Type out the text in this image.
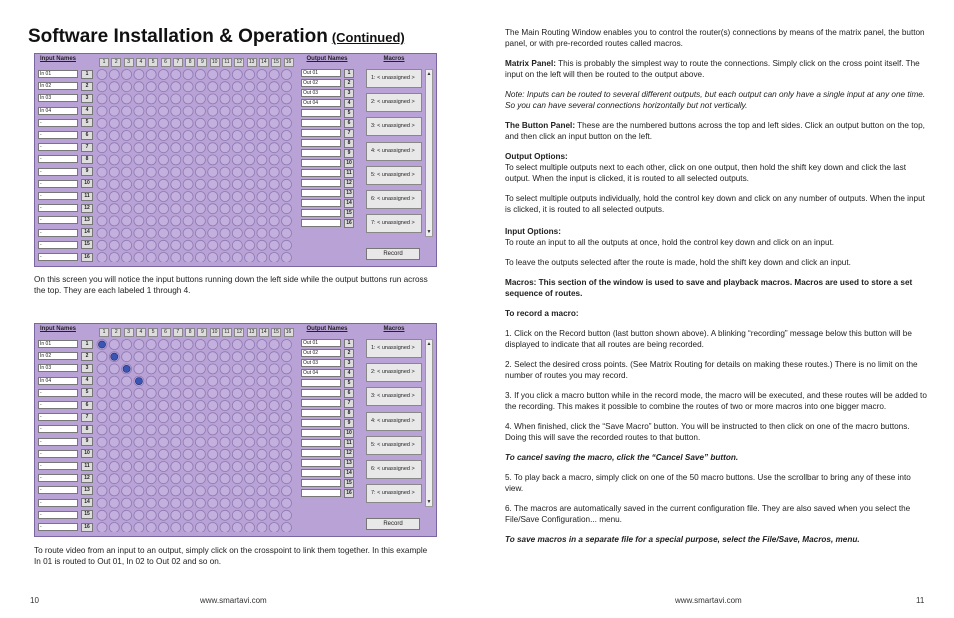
Software Installation & Operation (Continued)
Input Names	Output Names	Macros
1	2	3	4	5	6	7	8	9	10	11	12	13	14	15	16
In 01	1
In 02	2
In 03	3
In 04	4
-	5
-	6
-	7
-	8
-	9
-	10
-	11
-	12
-	13
-	14
-	15
-	16
Out 01	1
Out 02	2
Out 03	3
Out 04	4
5
6
7
8
9
10
11
12
13
14
15
16
1: < unassigned >
2: < unassigned >
3: < unassigned >
4: < unassigned >
5: < unassigned >
6: < unassigned >
7: < unassigned >
▲
▼
Record
On this screen you will notice the input buttons running down the left side while the output buttons run across the top. They are each labeled 1 through 4.
Input Names	Output Names	Macros
1	2	3	4	5	6	7	8	9	10	11	12	13	14	15	16
In 01	1
In 02	2
In 03	3
In 04	4
-	5
-	6
-	7
-	8
-	9
-	10
-	11
-	12
-	13
-	14
-	15
-	16
Out 01	1
Out 02	2
Out 03	3
Out 04	4
5
6
7
8
9
10
11
12
13
14
15
16
1: < unassigned >
2: < unassigned >
3: < unassigned >
4: < unassigned >
5: < unassigned >
6: < unassigned >
7: < unassigned >
▲
▼
Record
To route video from an input to an output, simply click on the crosspoint to link them together. In this example In 01 is routed to Out 01, In 02 to Out 02 and so on.
10	www.smartavi.com

The Main Routing Window enables you to control the router(s) connections by means of the matrix panel, the button panel, or with pre-recorded routes called macros.

Matrix Panel: This is probably the simplest way to route the connections. Simply click on the cross point itself. The input on the left will then be routed to the output above.

Note: Inputs can be routed to several different outputs, but each output can only have a single input at any one time. So you can have several connections horizontally but not vertically.

The Button Panel: These are the numbered buttons across the top and left sides. Click an output button on the top, and then click an input button on the left.

Output Options:

To select multiple outputs next to each other, click on one output, then hold the shift key down and click the last output. When the input is clicked, it is routed to all selected outputs.

To select multiple outputs individually, hold the control key down and click on any number of outputs. When the input is clicked, it is routed to all selected outputs.

Input Options:

To route an input to all the outputs at once, hold the control key down and click on an input.

To leave the outputs selected after the route is made, hold the shift key down and click an input.

Macros: This section of the window is used to save and playback macros. Macros are used to store a set sequence of routes.

To record a macro:

1. Click on the Record button (last button shown above). A blinking “recording” message below this button will be displayed to indicate that all routes are being recorded.

2. Select the desired cross points. (See Matrix Routing for details on making these routes.) There is no limit on the number of routes you may record.

3. If you click a macro button while in the record mode, the macro will be executed, and these routes will be added to the recording. This makes it possible to combine the routes of two or more macros into one bigger macro.

4. When finished, click the “Save Macro” button. You will be instructed to then click on one of the macro buttons. Doing this will save the recorded routes to that button.

To cancel saving the macro, click the “Cancel Save” button.

5. To play back a macro, simply click on one of the 50 macro buttons. Use the scrollbar to bring any of these into view.

6. The macros are automatically saved in the current configuration file. They are also saved when you select the File/Save Configuration... menu.

To save macros in a separate file for a special purpose, select the File/Save, Macros, menu.

www.smartavi.com	11
